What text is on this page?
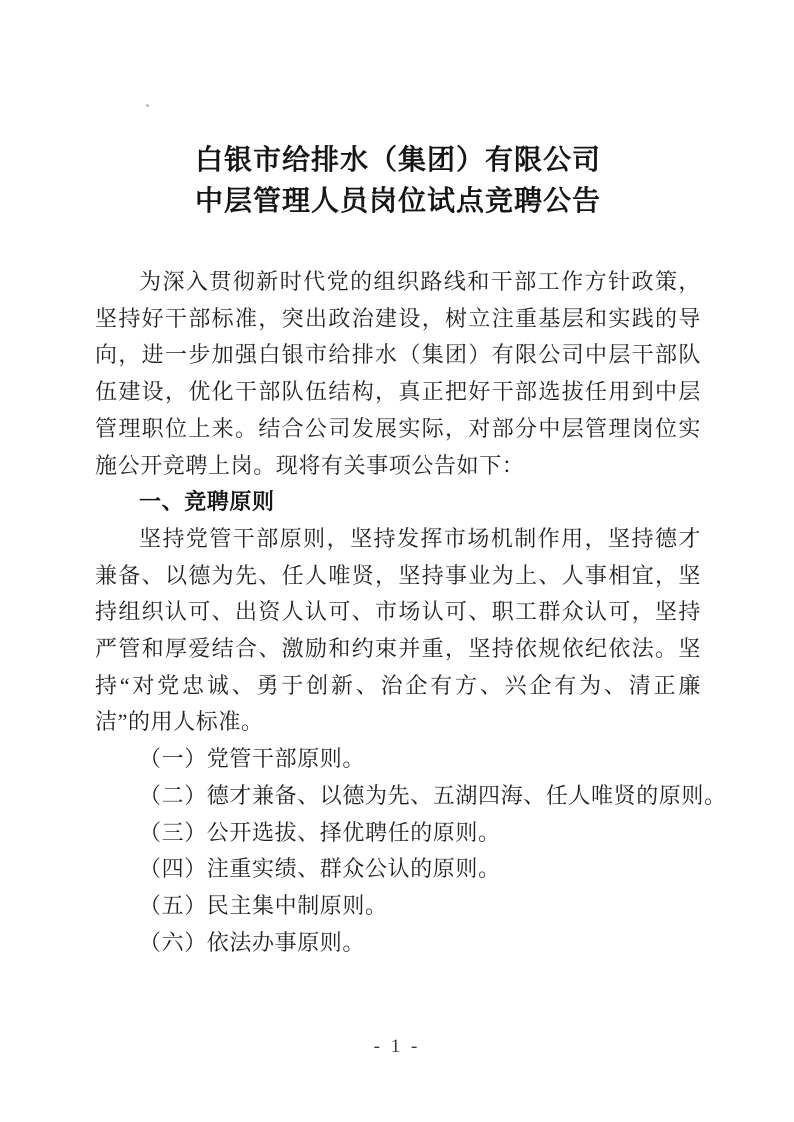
白银市给排水（集团）有限公司
中层管理人员岗位试点竞聘公告

为深入贯彻新时代党的组织路线和干部工作方针政策，坚持好干部标准，突出政治建设，树立注重基层和实践的导向，进一步加强白银市给排水（集团）有限公司中层干部队伍建设，优化干部队伍结构，真正把好干部选拔任用到中层管理职位上来。结合公司发展实际，对部分中层管理岗位实施公开竞聘上岗。现将有关事项公告如下：

一、竞聘原则

坚持党管干部原则，坚持发挥市场机制作用，坚持德才兼备、以德为先、任人唯贤，坚持事业为上、人事相宜，坚持组织认可、出资人认可、市场认可、职工群众认可，坚持严管和厚爱结合、激励和约束并重，坚持依规依纪依法。坚持“对党忠诚、勇于创新、治企有方、兴企有为、清正廉洁”的用人标准。

（一）党管干部原则。

（二）德才兼备、以德为先、五湖四海、任人唯贤的原则。

（三）公开选拔、择优聘任的原则。

（四）注重实绩、群众公认的原则。

（五）民主集中制原则。

（六）依法办事原则。

- 1 -
